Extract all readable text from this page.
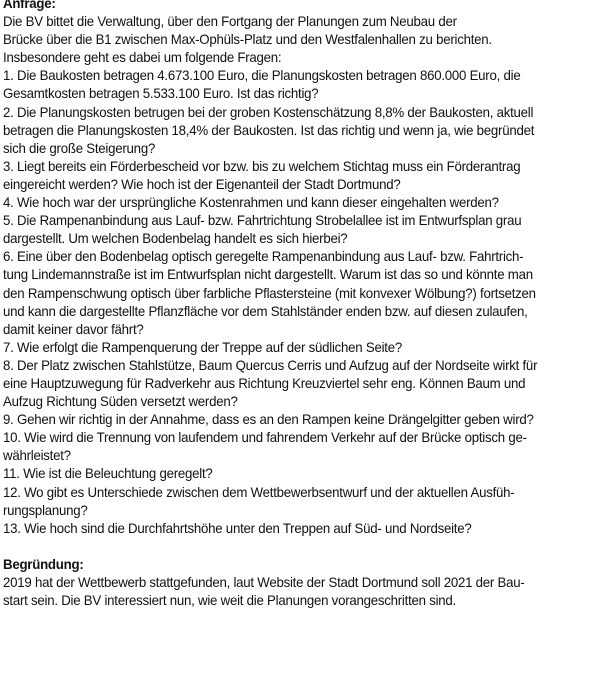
Anfrage:
Die BV bittet die Verwaltung, über den Fortgang der Planungen zum Neubau der
Brücke über die B1 zwischen Max-Ophüls-Platz und den Westfalenhallen zu berichten.
Insbesondere geht es dabei um folgende Fragen:
1. Die Baukosten betragen 4.673.100 Euro, die Planungskosten betragen 860.000 Euro, die
Gesamtkosten betragen 5.533.100 Euro. Ist das richtig?
2. Die Planungskosten betrugen bei der groben Kostenschätzung 8,8% der Baukosten, aktuell
betragen die Planungskosten 18,4% der Baukosten. Ist das richtig und wenn ja, wie begründet
sich die große Steigerung?
3. Liegt bereits ein Förderbescheid vor bzw. bis zu welchem Stichtag muss ein Förderantrag
eingereicht werden? Wie hoch ist der Eigenanteil der Stadt Dortmund?
4. Wie hoch war der ursprüngliche Kostenrahmen und kann dieser eingehalten werden?
5. Die Rampenanbindung aus Lauf- bzw. Fahrtrichtung Strobelallee ist im Entwurfsplan grau
dargestellt. Um welchen Bodenbelag handelt es sich hierbei?
6. Eine über den Bodenbelag optisch geregelte Rampenanbindung aus Lauf- bzw. Fahrtrich-
tung Lindemannstraße ist im Entwurfsplan nicht dargestellt. Warum ist das so und könnte man
den Rampenschwung optisch über farbliche Pflastersteine (mit konvexer Wölbung?) fortsetzen
und kann die dargestellte Pflanzfläche vor dem Stahlständer enden bzw. auf diesen zulaufen,
damit keiner davor fährt?
7. Wie erfolgt die Rampenquerung der Treppe auf der südlichen Seite?
8. Der Platz zwischen Stahlstütze, Baum Quercus Cerris und Aufzug auf der Nordseite wirkt für
eine Hauptzuwegung für Radverkehr aus Richtung Kreuzviertel sehr eng. Können Baum und
Aufzug Richtung Süden versetzt werden?
9. Gehen wir richtig in der Annahme, dass es an den Rampen keine Drängelgitter geben wird?
10. Wie wird die Trennung von laufendem und fahrendem Verkehr auf der Brücke optisch ge-
währleistet?
11. Wie ist die Beleuchtung geregelt?
12. Wo gibt es Unterschiede zwischen dem Wettbewerbsentwurf und der aktuellen Ausfüh-
rungsplanung?
13. Wie hoch sind die Durchfahrtshöhe unter den Treppen auf Süd- und Nordseite?
Begründung:
2019 hat der Wettbewerb stattgefunden, laut Website der Stadt Dortmund soll 2021 der Bau-
start sein. Die BV interessiert nun, wie weit die Planungen vorangeschritten sind.
